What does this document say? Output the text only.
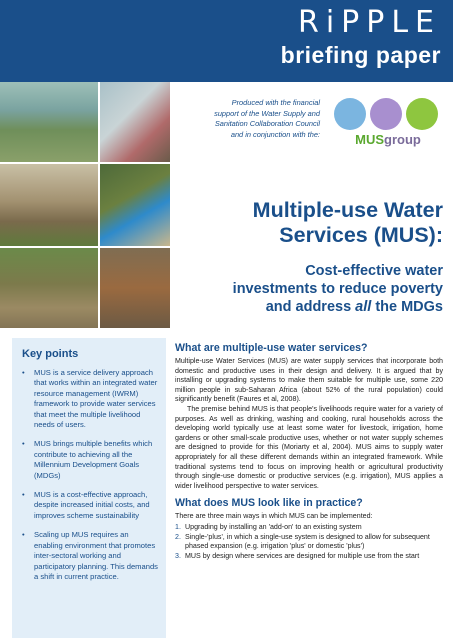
RiPPLE
briefing paper
Produced with the financial
support of the Water Supply and
Sanitation Collaboration Council
and in conjunction with the:	MUSgroup
Multiple-use Water
Services (MUS):
Cost-effective water
investments to reduce poverty
and address all the MDGs
Key points
• MUS is a service delivery approach that works within an integrated water resource management (IWRM) framework to provide water services that meet the multiple livelihood needs of users.
• MUS brings multiple benefits which contribute to achieving all the Millennium Development Goals (MDGs)
• MUS is a cost-effective approach, despite increased initial costs, and improves scheme sustainability
• Scaling up MUS requires an enabling environment that promotes inter-sectoral working and participatory planning. This demands a shift in current practice.
What are multiple-use water services?

Multiple-use Water Services (MUS) are water supply services that incorporate both domestic and productive uses in their design and delivery. It is argued that by installing or upgrading systems to make them suitable for multiple use, some 220 million people in sub-Saharan Africa (about 52% of the rural population) could significantly benefit (Faures et al, 2008).

The premise behind MUS is that people's livelihoods require water for a variety of purposes. As well as drinking, washing and cooking, rural households across the developing world typically use at least some water for livestock, irrigation, home gardens or other small-scale productive uses, whether or not water supply schemes are designed to provide for this (Moriarty et al, 2004). MUS aims to supply water appropriately for all these different demands within an integrated framework. While traditional systems tend to focus on improving health or agricultural productivity through single-use domestic or productive services (e.g. irrigation), MUS applies a wider livelihood perspective to water services.

What does MUS look like in practice?

There are three main ways in which MUS can be implemented:

1. Upgrading by installing an 'add-on' to an existing system
2. Single-'plus', in which a single-use system is designed to allow for subsequent phased expansion (e.g. irrigation 'plus' or domestic 'plus')
3. MUS by design where services are designed for multiple use from the start
